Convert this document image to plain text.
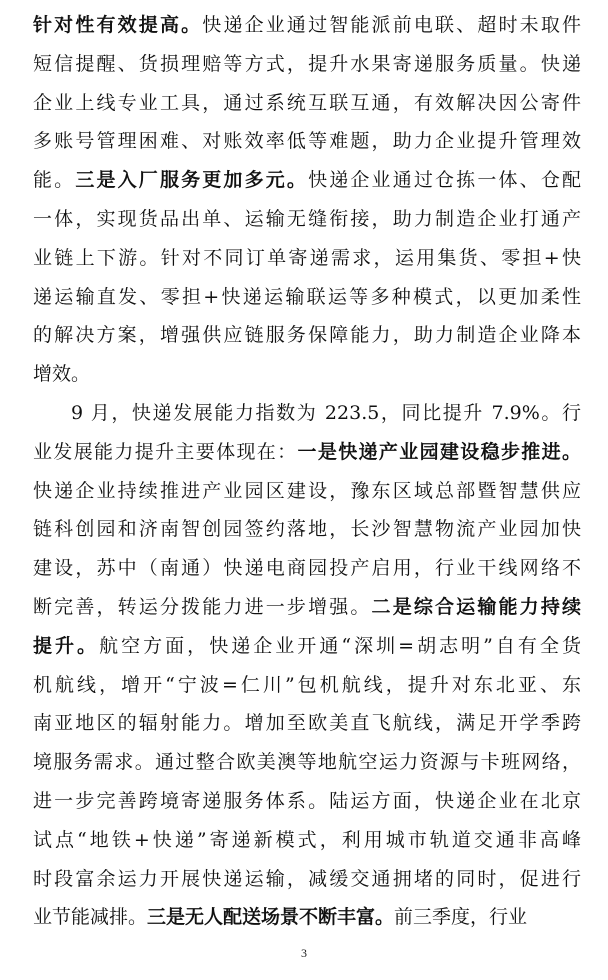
针对性有效提高。快递企业通过智能派前电联、超时未取件
短信提醒、货损理赔等方式，提升水果寄递服务质量。快递
企业上线专业工具，通过系统互联互通，有效解决因公寄件
多账号管理困难、对账效率低等难题，助力企业提升管理效
能。三是入厂服务更加多元。快递企业通过仓拣一体、仓配
一体，实现货品出单、运输无缝衔接，助力制造企业打通产
业链上下游。针对不同订单寄递需求，运用集货、零担+快
递运输直发、零担+快递运输联运等多种模式，以更加柔性
的解决方案，增强供应链服务保障能力，助力制造企业降本
增效。

9 月，快递发展能力指数为 223.5，同比提升 7.9%。行
业发展能力提升主要体现在：一是快递产业园建设稳步推进。
快递企业持续推进产业园区建设，豫东区域总部暨智慧供应
链科创园和济南智创园签约落地，长沙智慧物流产业园加快
建设，苏中（南通）快递电商园投产启用，行业干线网络不
断完善，转运分拨能力进一步增强。二是综合运输能力持续
提升。航空方面，快递企业开通“深圳=胡志明”自有全货
机航线，增开“宁波=仁川”包机航线，提升对东北亚、东
南亚地区的辐射能力。增加至欧美直飞航线，满足开学季跨
境服务需求。通过整合欧美澳等地航空运力资源与卡班网络，
进一步完善跨境寄递服务体系。陆运方面，快递企业在北京
试点“地铁+快递”寄递新模式，利用城市轨道交通非高峰
时段富余运力开展快递运输，减缓交通拥堵的同时，促进行
业节能减排。三是无人配送场景不断丰富。前三季度，行业

3
